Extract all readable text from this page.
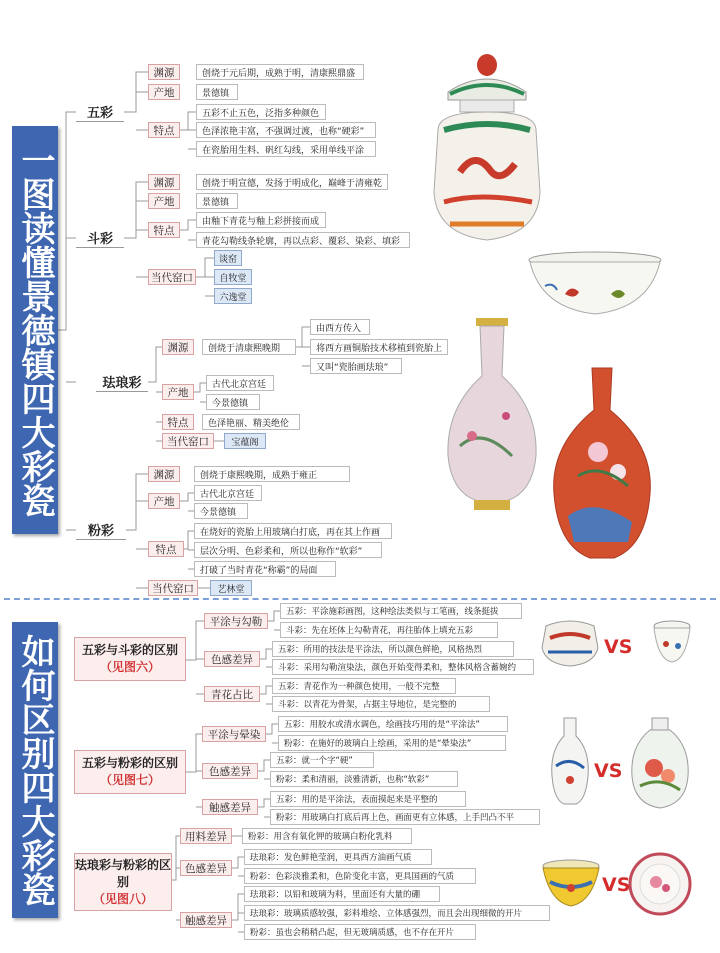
一图读懂景德镇四大彩瓷
如何区别四大彩瓷
五彩
渊源	创烧于元后期，成熟于明，清康熙鼎盛
产地	景德镇
特点
五彩不止五色，泛指多种颜色
色泽浓艳丰富，不强调过渡，也称“硬彩”
在瓷胎用生料、矾红勾线，采用单线平涂
斗彩
渊源	创烧于明宣德，发扬于明成化，巅峰于清雍乾
产地	景德镇
特点
由釉下青花与釉上彩拼接而成
青花勾勒线条轮廓，再以点彩、覆彩、染彩、填彩
当代窑口
谈窑
自牧堂
六逸堂
珐琅彩
渊源	创烧于清康熙晚期
由西方传入
将西方画铜胎技术移植到瓷胎上
又叫“瓷胎画珐琅”
产地
古代北京宫廷
今景德镇
特点	色泽艳丽、精美绝伦
当代窑口	宝蕴阁
粉彩
渊源	创烧于康熙晚期，成熟于雍正
产地
古代北京宫廷
今景德镇
特点
在烧好的瓷胎上用玻璃白打底，再在其上作画
层次分明、色彩柔和，所以也称作“软彩”
打破了当时青花“称霸”的局面
当代窑口	艺林堂
五彩与斗彩的区别
（见图六）
平涂与勾勒
五彩：平涂施彩画图，这种绘法类似与工笔画，线条挺拔
斗彩：先在坯体上勾勒青花，再往胎体上填充五彩
色感差异
五彩：所用的技法是平涂法，所以颜色鲜艳，风格热烈
斗彩：采用勾勒渲染法，颜色开始变得柔和，整体风格含蓄婉约
青花占比
五彩：青花作为一种颜色使用，一般不完整
斗彩：以青花为骨架，占据主导地位，是完整的
五彩与粉彩的区别
（见图七）
平涂与晕染
五彩：用胶水或清水调色，绘画技巧用的是“平涂法”
粉彩：在施好的玻璃白上绘画，采用的是“晕染法”
色感差异
五彩：就一个字“硬”
粉彩：柔和清丽，淡雅清新，也称“软彩”
触感差异
五彩：用的是平涂法，表面摸起来是平整的
粉彩：用玻璃白打底后再上色，画面更有立体感，上手凹凸不平
珐琅彩与粉彩的区别
（见图八）
用料差异	粉彩：用含有氧化钾的玻璃白粉化乳料
色感差异
珐琅彩：发色鲜艳莹润，更具西方油画气质
粉彩：色彩淡雅柔和，色阶变化丰富，更具国画的气质
触感差异
珐琅彩：以铅和玻璃为料，里面还有大量的硼
珐琅彩：玻璃质感较强，彩料堆绘、立体感强烈，而且会出现细微的开片
粉彩：虽也会稍稍凸起，但无玻璃质感，也不存在开片
VS
VS
VS
